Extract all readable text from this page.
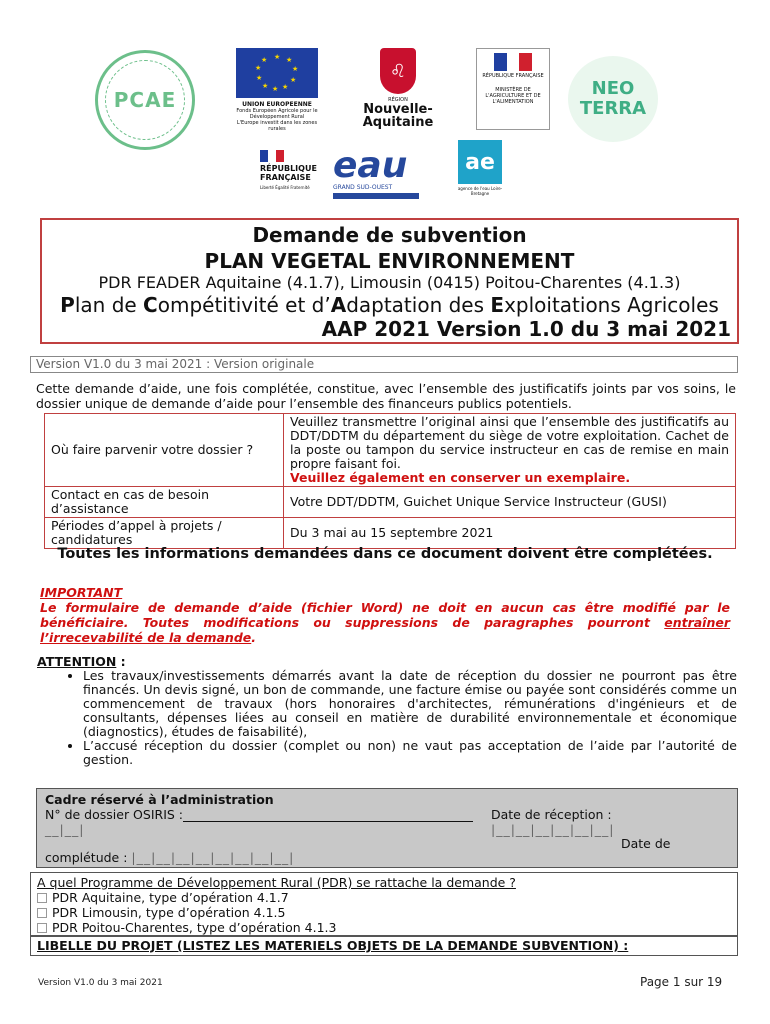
PCAE
★ ★
★
★
★
★
★
★
★
★
UNION EUROPEENNE
Fonds Européen Agricole pour le Développement Rural
L'Europe investit dans les zones rurales
♌
RÉGION
Nouvelle-
Aquitaine
RÉPUBLIQUE FRANÇAISE
MINISTÈRE DE L'AGRICULTURE ET DE L'ALIMENTATION
NEO
TERRA
RÉPUBLIQUE
FRANÇAISE
Liberté Égalité Fraternité
eau
GRAND SUD-OUEST
ae
agence de l'eau Loire-Bretagne
Demande de subvention
PLAN VEGETAL ENVIRONNEMENT
PDR FEADER Aquitaine (4.1.7), Limousin (0415) Poitou-Charentes (4.1.3)
Plan de Compétitivité et d’Adaptation des Exploitations Agricoles
AAP 2021 Version 1.0 du 3 mai 2021
Version V1.0 du 3 mai 2021 : Version originale
Cette demande d’aide, une fois complétée, constitue, avec l’ensemble des justificatifs joints par vos soins, le dossier unique de demande d’aide pour l’ensemble des financeurs publics potentiels.
Où faire parvenir votre dossier ?	Veuillez transmettre l’original ainsi que l’ensemble des justificatifs au DDT/DDTM du département du siège de votre exploitation. Cachet de la poste ou tampon du service instructeur en cas de remise en main propre faisant foi.
Veuillez également en conserver un exemplaire.
Contact en cas de besoin d’assistance	Votre DDT/DDTM, Guichet Unique Service Instructeur (GUSI)
Périodes d’appel à projets / candidatures	Du 3 mai au 15 septembre 2021
Toutes les informations demandées dans ce document doivent être complétées.
IMPORTANT
Le formulaire de demande d’aide (fichier Word) ne doit en aucun cas être modifié par le bénéficiaire. Toutes modifications ou suppressions de paragraphes pourront entraîner l’irrecevabilité de la demande.
ATTENTION :
• Les travaux/investissements démarrés avant la date de réception du dossier ne pourront pas être financés. Un devis signé, un bon de commande, une facture émise ou payée sont considérés comme un commencement de travaux (hors honoraires d'architectes, rémunérations d'ingénieurs et de consultants, dépenses liées au conseil en matière de durabilité environnementale et économique (diagnostics), études de faisabilité),
• L’accusé réception du dossier (complet ou non) ne vaut pas acceptation de l’aide par l’autorité de gestion.
Cadre réservé à l’administration
N° de dossier OSIRIS :	Date de réception : |__|__|__|__|__|__|
__|__|
Date de
complétude : |__|__|__|__|__|__|__|__|
A quel Programme de Développement Rural (PDR) se rattache la demande ?
PDR Aquitaine, type d’opération 4.1.7
PDR Limousin, type d’opération 4.1.5
PDR Poitou-Charentes, type d’opération 4.1.3
LIBELLE DU PROJET (LISTEZ LES MATERIELS OBJETS DE LA DEMANDE SUBVENTION) :
Version V1.0 du 3 mai 2021	Page 1 sur 19
